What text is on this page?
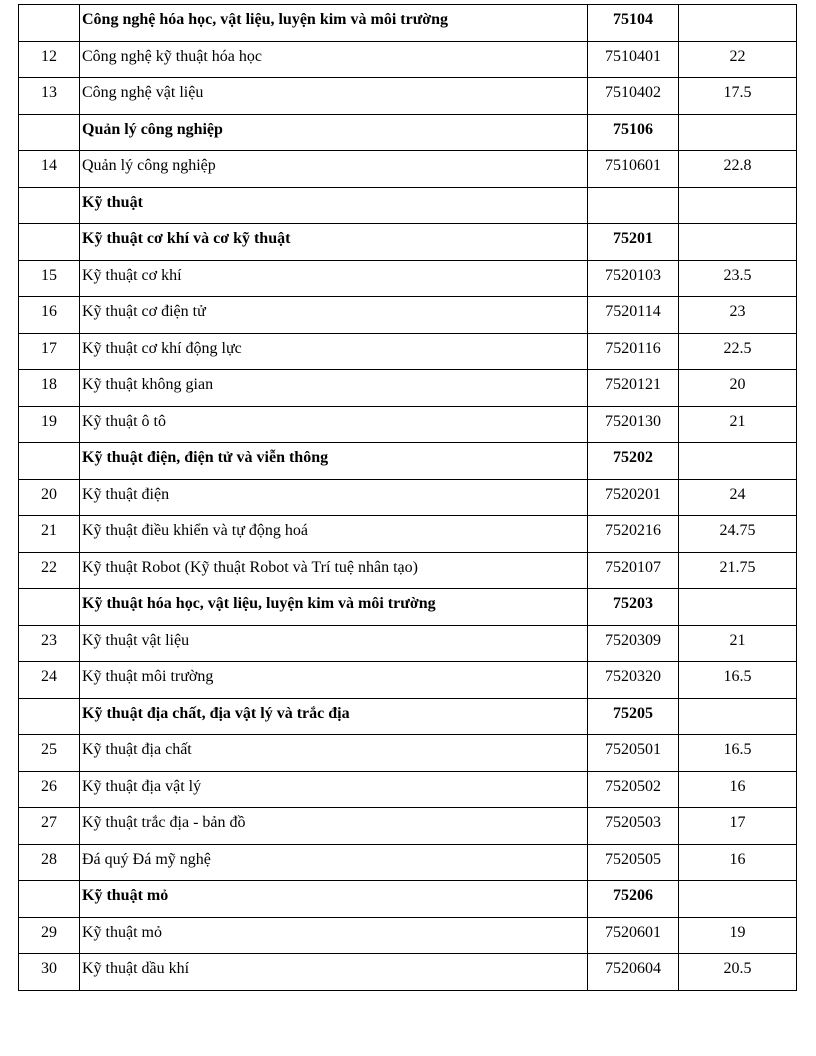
	Công nghệ hóa học, vật liệu, luyện kim và môi trường	75104	
12	Công nghệ kỹ thuật hóa học	7510401	22
13	Công nghệ vật liệu	7510402	17.5
	Quản lý công nghiệp	75106	
14	Quản lý công nghiệp	7510601	22.8
	Kỹ thuật		
	Kỹ thuật cơ khí và cơ kỹ thuật	75201	
15	Kỹ thuật cơ khí	7520103	23.5
16	Kỹ thuật cơ điện tử	7520114	23
17	Kỹ thuật cơ khí động lực	7520116	22.5
18	Kỹ thuật không gian	7520121	20
19	Kỹ thuật ô tô	7520130	21
	Kỹ thuật điện, điện tử và viễn thông	75202	
20	Kỹ thuật điện	7520201	24
21	Kỹ thuật điều khiển và tự động hoá	7520216	24.75
22	Kỹ thuật Robot (Kỹ thuật Robot và Trí tuệ nhân tạo)	7520107	21.75
	Kỹ thuật hóa học, vật liệu, luyện kim và môi trường	75203	
23	Kỹ thuật vật liệu	7520309	21
24	Kỹ thuật môi trường	7520320	16.5
	Kỹ thuật địa chất, địa vật lý và trắc địa	75205	
25	Kỹ thuật địa chất	7520501	16.5
26	Kỹ thuật địa vật lý	7520502	16
27	Kỹ thuật trắc địa - bản đồ	7520503	17
28	Đá quý Đá mỹ nghệ	7520505	16
	Kỹ thuật mỏ	75206	
29	Kỹ thuật mỏ	7520601	19
30	Kỹ thuật dầu khí	7520604	20.5
